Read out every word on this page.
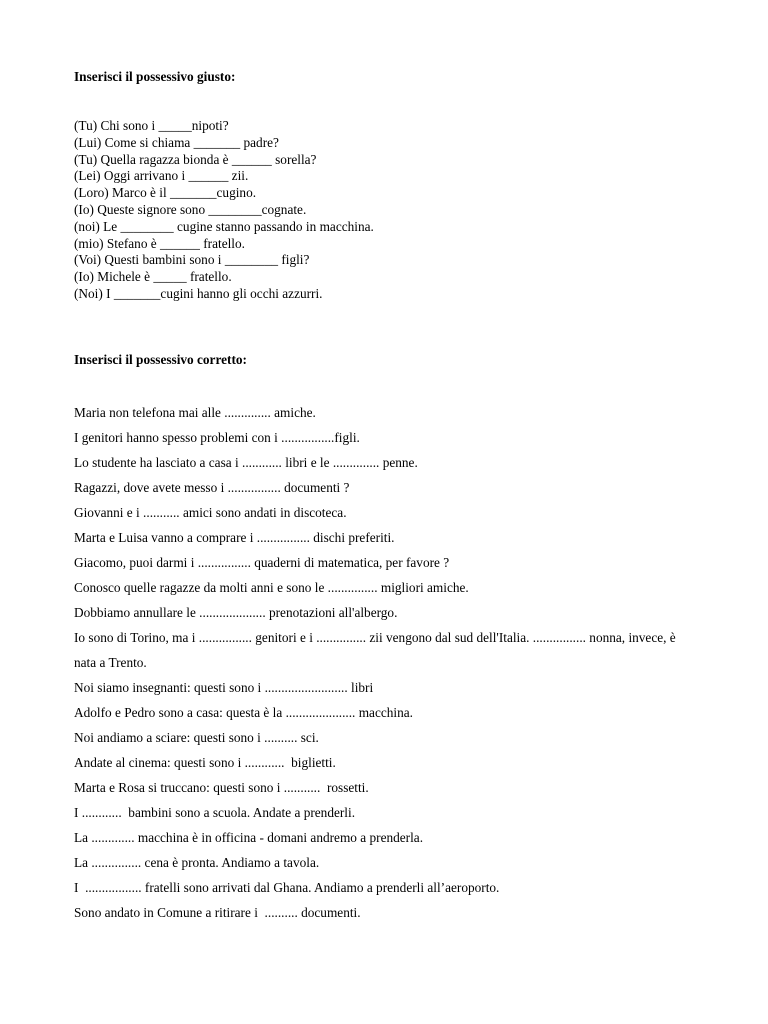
Inserisci il possessivo giusto:
(Tu) Chi sono i _____nipoti?
(Lui) Come si chiama _______ padre?
(Tu) Quella ragazza bionda è ______ sorella?
(Lei) Oggi arrivano i ______ zii.
(Loro) Marco è il _______cugino.
(Io) Queste signore sono ________cognate.
(noi) Le ________ cugine stanno passando in macchina.
(mio) Stefano è ______ fratello.
(Voi) Questi bambini sono i ________ figli?
(Io) Michele è _____ fratello.
(Noi) I _______cugini hanno gli occhi azzurri.
Inserisci il possessivo corretto:
Maria non telefona mai alle .............. amiche.
I genitori hanno spesso problemi con i ................figli.
Lo studente ha lasciato a casa i ............ libri e le .............. penne.
Ragazzi, dove avete messo i ................ documenti ?
Giovanni e i ........... amici sono andati in discoteca.
Marta e Luisa vanno a comprare i ................ dischi preferiti.
Giacomo, puoi darmi i ................ quaderni di matematica, per favore ?
Conosco quelle ragazze da molti anni e sono le ............... migliori amiche.
Dobbiamo annullare le .................... prenotazioni all'albergo.
Io sono di Torino, ma i ................ genitori e i ............... zii vengono dal sud dell'Italia. ................ nonna, invece, è nata a Trento.
Noi siamo insegnanti: questi sono i ......................... libri
Adolfo e Pedro sono a casa: questa è la ..................... macchina.
Noi andiamo a sciare: questi sono i .......... sci.
Andate al cinema: questi sono i ............  biglietti.
Marta e Rosa si truccano: questi sono i ...........  rossetti.
I ............  bambini sono a scuola. Andate a prenderli.
La ............. macchina è in officina - domani andremo a prenderla.
La ............... cena è pronta. Andiamo a tavola.
I  ................. fratelli sono arrivati dal Ghana. Andiamo a prenderli all’aeroporto.
Sono andato in Comune a ritirare i  .......... documenti.
